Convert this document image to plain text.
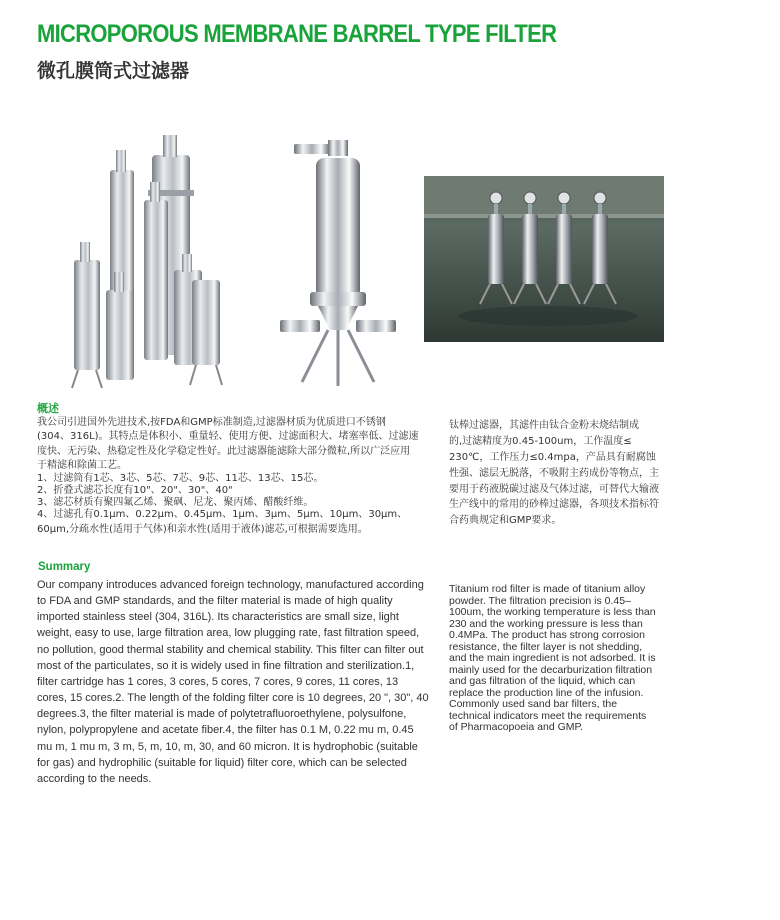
MICROPOROUS MEMBRANE BARREL TYPE FILTER
微孔膜筒式过滤器
概述
我公司引进国外先进技术,按FDA和GMP标准制造,过滤器材质为优质进口不锈钢
(304、316L)。其特点是体积小、重量轻、使用方便、过滤面积大、堵塞率低、过滤速
度快、无污染、热稳定性及化学稳定性好。此过滤器能滤除大部分微粒,所以广泛应用
于精滤和除菌工艺。
1、过滤筒有1芯、3芯、5芯、7芯、9芯、11芯、13芯、15芯。
2、折叠式滤芯长度有10"、20"、30"、40"
3、滤芯材质有聚四氟乙烯、聚砜、尼龙、聚丙烯、醋酸纤维。
4、过滤孔有0.1μm、0.22μm、0.45μm、1μm、3μm、5μm、10μm、30μm、
60μm,分疏水性(适用于气体)和亲水性(适用于液体)滤芯,可根据需要选用。
钛棒过滤器，其滤件由钛合金粉末烧结制成
的,过滤精度为0.45-100um，工作温度≤
230℃，工作压力≤0.4mpa，产品具有耐腐蚀
性强、滤层无脱落，不吸附主药成份等物点，主
要用于药液脱碳过滤及气体过滤，可替代大输液
生产线中的常用的砂棒过滤器，各项技术指标符
合药典规定和GMP要求。
Summary
Our company introduces advanced foreign technology, manufactured according
to FDA and GMP standards, and the filter material is made of high quality
imported stainless steel (304, 316L). Its characteristics are small size, light
weight, easy to use, large filtration area, low plugging rate, fast filtration speed,
no pollution, good thermal stability and chemical stability. This filter can filter out
most of the particulates, so it is widely used in fine filtration and sterilization.1,
filter cartridge has 1 cores, 3 cores, 5 cores, 7 cores, 9 cores, 11 cores, 13
cores, 15 cores.2. The length of the folding filter core is 10 degrees, 20 ", 30", 40
degrees.3, the filter material is made of polytetrafluoroethylene, polysulfone,
nylon, polypropylene and acetate fiber.4, the filter has 0.1 M, 0.22 mu m, 0.45
mu m, 1 mu m, 3 m, 5, m, 10, m, 30, and 60 micron. It is hydrophobic (suitable
for gas) and hydrophilic (suitable for liquid) filter core, which can be selected
according to the needs.
Titanium rod filter is made of titanium alloy
powder. The filtration precision is 0.45–
100um, the working temperature is less than
230 and the working pressure is less than
0.4MPa. The product has strong corrosion
resistance, the filter layer is not shedding,
and the main ingredient is not adsorbed. It is
mainly used for the decarburization filtration
and gas filtration of the liquid, which can
replace the production line of the infusion.
Commonly used sand bar filters, the
technical indicators meet the requirements
of Pharmacopoeia and GMP.
